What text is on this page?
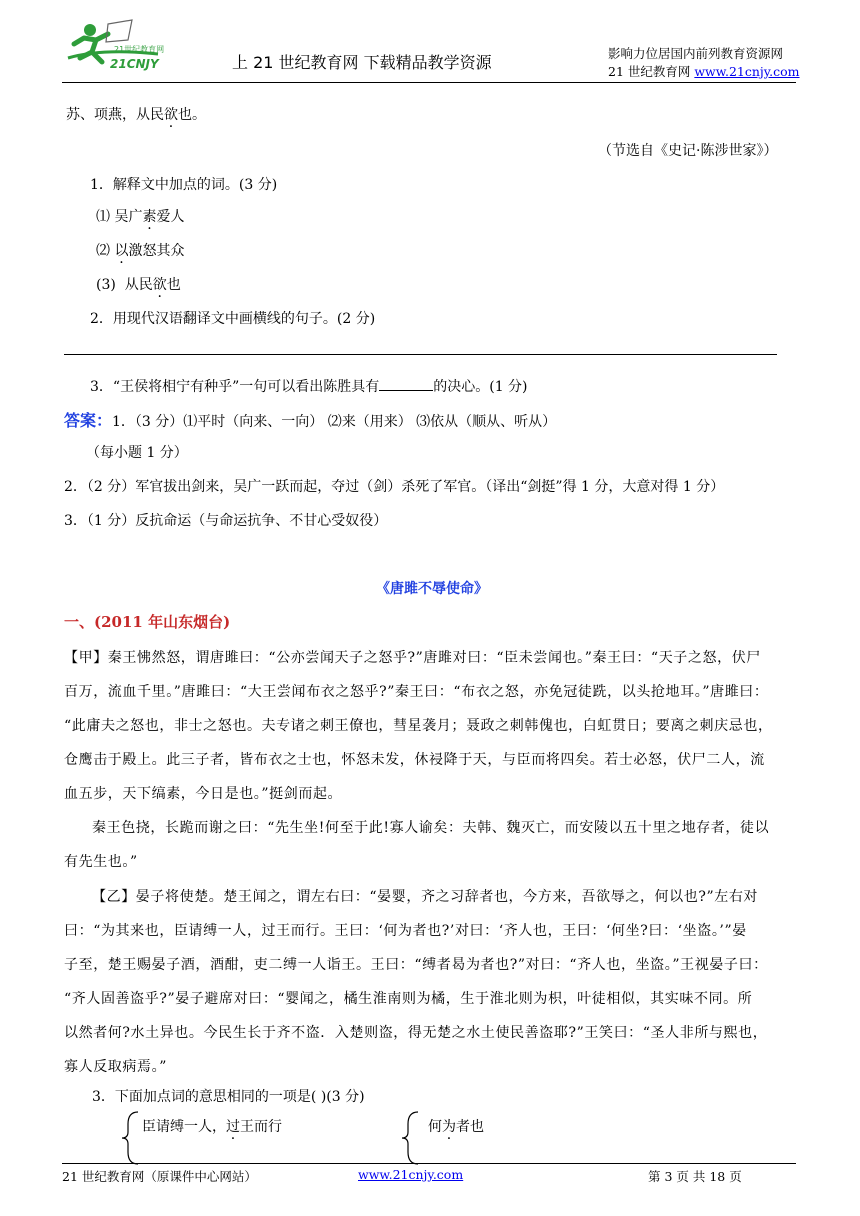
21世纪教育网
21CNJY	上 21 世纪教育网 下载精品教学资源	影响力位居国内前列教育资源网
21 世纪教育网 www.21cnjy.com
苏、项燕，从民欲也。
（节选自《史记·陈涉世家》）
1．解释文中加点的词。(3 分)
⑴ 吴广素爱人
⑵ 以激怒其众
(3)  从民欲也
2．用现代汉语翻译文中画横线的句子。(2 分)
3．“王侯将相宁有种乎”一句可以看出陈胜具有	的决心。(1 分)
答案：1．（3 分）⑴平时（向来、一向） ⑵来（用来） ⑶依从（顺从、听从）
（每小题 1 分）
2．（2 分）军官拔出剑来，吴广一跃而起，夺过（剑）杀死了军官。（译出“剑挺”得 1 分，大意对得 1 分）
3．（1 分）反抗命运（与命运抗争、不甘心受奴役）
《唐雎不辱使命》
一、(2011 年山东烟台)
【甲】秦王怫然怒，谓唐雎曰：“公亦尝闻天子之怒乎?”唐雎对曰：“臣未尝闻也。”秦王曰：“天子之怒，伏尸
百万，流血千里。”唐雎曰：“大王尝闻布衣之怒乎?”秦王曰：“布衣之怒，亦免冠徒跣，以头抢地耳。”唐雎曰：
“此庸夫之怒也，非士之怒也。夫专诸之刺王僚也，彗星袭月；聂政之刺韩傀也，白虹贯日；要离之刺庆忌也，
仓鹰击于殿上。此三子者，皆布衣之士也，怀怒未发，休祲降于天，与臣而将四矣。若士必怒，伏尸二人，流
血五步，天下缟素，今日是也。”挺剑而起。
秦王色挠，长跪而谢之曰：“先生坐!何至于此!寡人谕矣：夫韩、魏灭亡，而安陵以五十里之地存者，徒以
有先生也。”
【乙】晏子将使楚。楚王闻之，谓左右曰：“晏婴，齐之习辞者也，今方来，吾欲辱之，何以也?”左右对
曰：“为其来也，臣请缚一人，过王而行。王曰：‘何为者也?’对曰：‘齐人也，王曰：‘何坐?曰：‘坐盗。’”晏
子至，楚王赐晏子酒，酒酣，吏二缚一人诣王。王曰：“缚者曷为者也?”对曰：“齐人也，坐盗。”王视晏子曰：
“齐人固善盗乎?”晏子避席对曰：“婴闻之，橘生淮南则为橘，生于淮北则为枳，叶徒相似，其实味不同。所
以然者何?水土异也。今民生长于齐不盗．入楚则盗，得无楚之水土使民善盗耶?”王笑曰：“圣人非所与熙也，
寡人反取病焉。”
3．下面加点词的意思相同的一项是( )(3 分)
臣请缚一人，过王而行	何为者也
21 世纪教育网（原课件中心网站）	www.21cnjy.com	第 3 页 共 18 页
